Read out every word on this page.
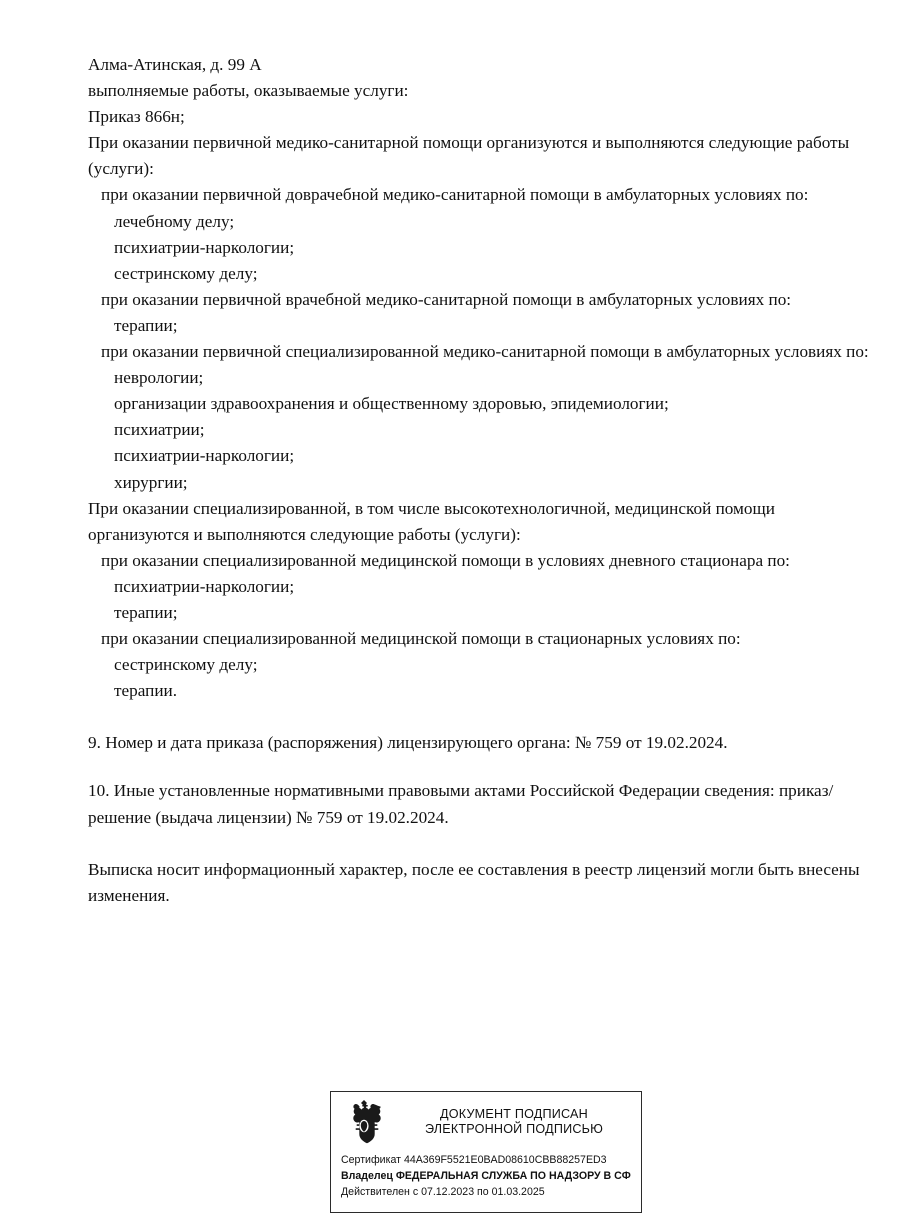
Алма-Атинская, д. 99 А
выполняемые работы, оказываемые услуги:
Приказ 866н;
При оказании первичной медико-санитарной помощи организуются и выполняются следующие работы (услуги):
при оказании первичной доврачебной медико-санитарной помощи в амбулаторных условиях по:
лечебному делу;
психиатрии-наркологии;
сестринскому делу;
при оказании первичной врачебной медико-санитарной помощи в амбулаторных условиях по:
терапии;
при оказании первичной специализированной медико-санитарной помощи в амбулаторных условиях по:
неврологии;
организации здравоохранения и общественному здоровью, эпидемиологии;
психиатрии;
психиатрии-наркологии;
хирургии;
При оказании специализированной, в том числе высокотехнологичной, медицинской помощи организуются и выполняются следующие работы (услуги):
при оказании специализированной медицинской помощи в условиях дневного стационара по:
психиатрии-наркологии;
терапии;
при оказании специализированной медицинской помощи в стационарных условиях по:
сестринскому делу;
терапии.
9. Номер и дата приказа (распоряжения) лицензирующего органа: № 759 от 19.02.2024.
10. Иные установленные нормативными правовыми актами Российской Федерации сведения: приказ/решение (выдача лицензии) № 759 от 19.02.2024.
Выписка носит информационный характер, после ее составления в реестр лицензий могли быть внесены изменения.
ДОКУМЕНТ ПОДПИСАН
ЭЛЕКТРОННОЙ ПОДПИСЬЮ
Сертификат 44A369F5521E0BAD08610CBB88257ED3
Владелец ФЕДЕРАЛЬНАЯ СЛУЖБА ПО НАДЗОРУ В СФ
Действителен с 07.12.2023 по 01.03.2025
